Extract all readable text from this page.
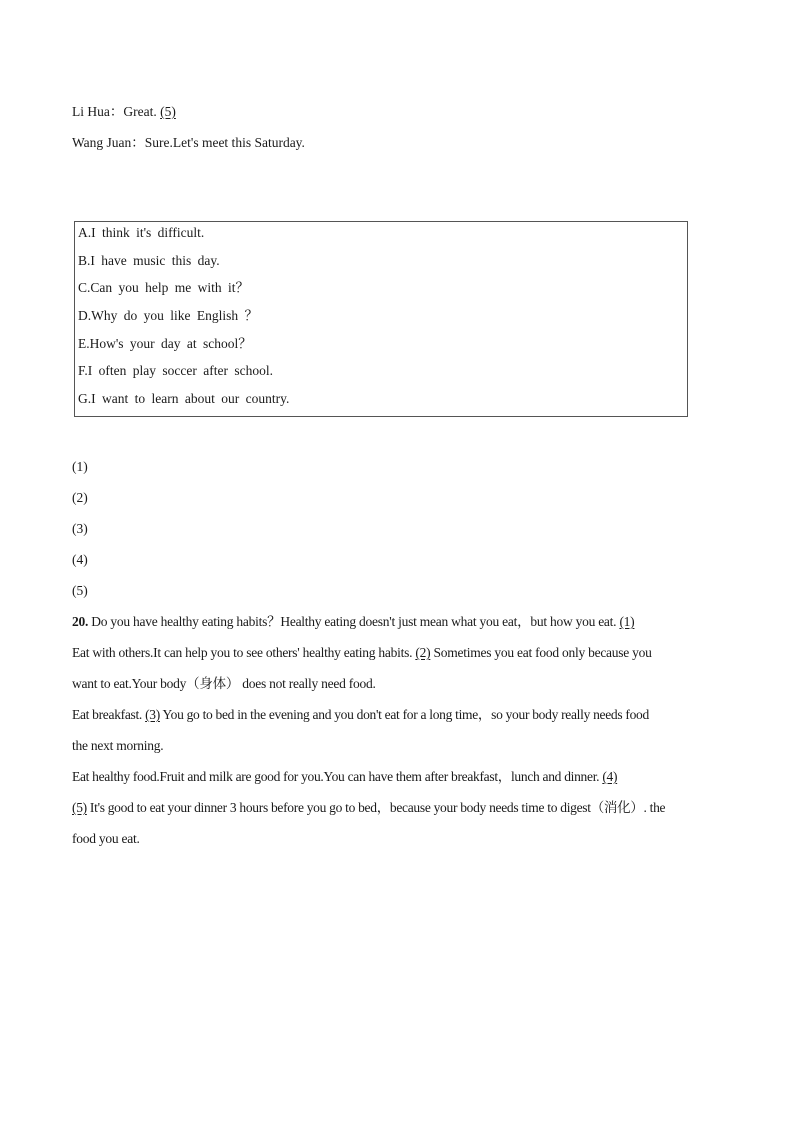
Li Hua：Great. (5)
Wang Juan：Sure.Let's meet this Saturday.
A.I think it's difficult.
B.I have music this day.
C.Can you help me with it？
D.Why do you like English ？
E.How's your day at school？
F.I often play soccer after school.
G.I want to learn about our country.
(1)
(2)
(3)
(4)
(5)
20. Do you have healthy eating habits？Healthy eating doesn't just mean what you eat，but how you eat. (1)
Eat with others.It can help you to see others' healthy eating habits. (2) Sometimes you eat food only because you
want to eat.Your body（身体） does not really need food.
Eat breakfast. (3) You go to bed in the evening and you don't eat for a long time，so your body really needs food
the next morning.
Eat healthy food.Fruit and milk are good for you.You can have them after breakfast，lunch and dinner. (4)
(5) It's good to eat your dinner 3 hours before you go to bed，because your body needs time to digest（消化）. the
food you eat.
